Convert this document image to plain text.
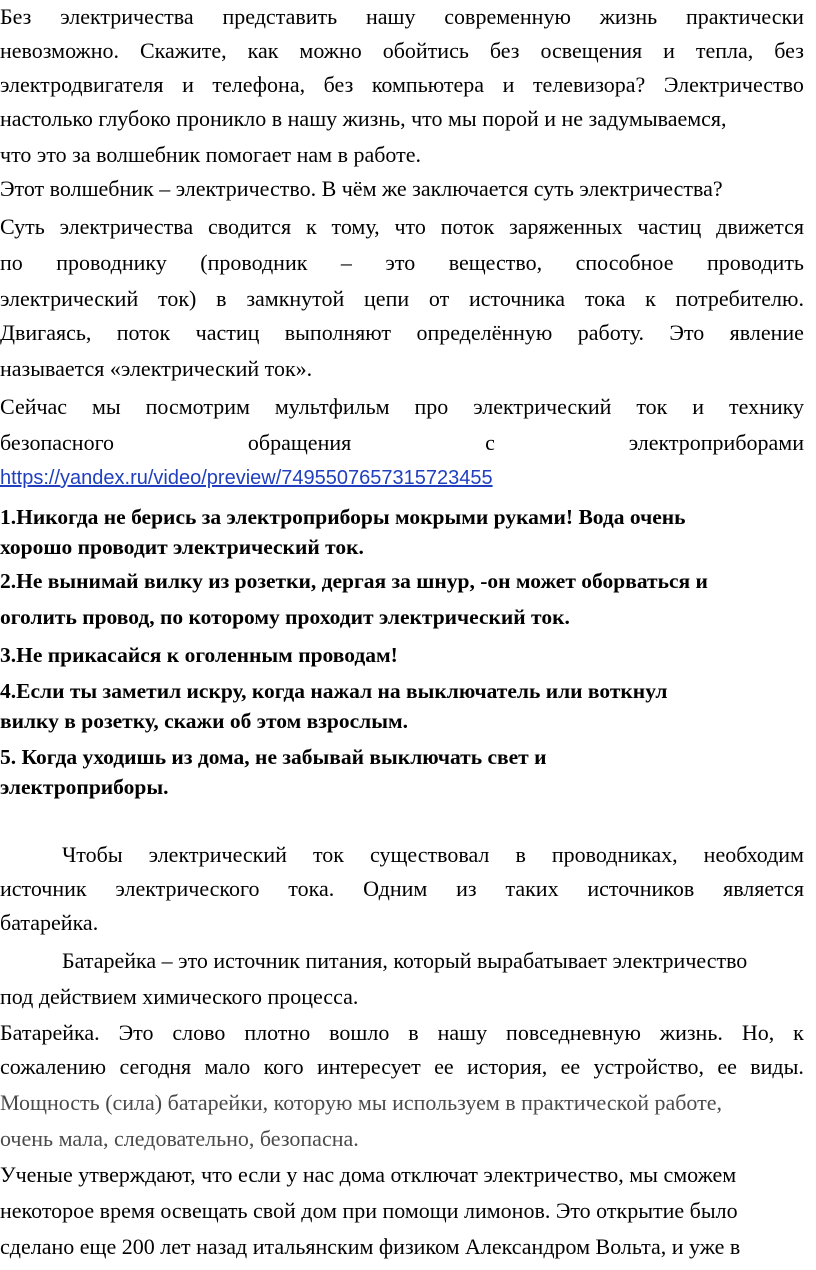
Без электричества представить нашу современную жизнь практически
невозможно. Скажите, как можно обойтись без освещения и тепла, без
электродвигателя и телефона, без компьютера и телевизора? Электричество
настолько глубоко проникло в нашу жизнь, что мы порой и не задумываемся,
что это за волшебник помогает нам в работе.
Этот волшебник – электричество. В чём же заключается суть электричества?
Суть электричества сводится к тому, что поток заряженных частиц движется
по проводнику (проводник – это вещество, способное проводить
электрический ток) в замкнутой цепи от источника тока к потребителю.
Двигаясь, поток частиц выполняют определённую работу. Это явление
называется «электрический ток».
Сейчас мы посмотрим мультфильм про электрический ток и технику
безопасного	обращения	с	электроприборами
https://yandex.ru/video/preview/7495507657315723455
1.Никогда не берись за электроприборы мокрыми руками! Вода очень
хорошо проводит электрический ток.
2.Не вынимай вилку из розетки, дергая за шнур, -он может оборваться и
оголить провод, по которому проходит электрический ток.
3.Не прикасайся к оголенным проводам!
4.Если ты заметил искру, когда нажал на выключатель или воткнул
вилку в розетку, скажи об этом взрослым.
5. Когда уходишь из дома, не забывай выключать свет и
электроприборы.
Чтобы электрический ток существовал в проводниках, необходим
источник электрического тока. Одним из таких источников является
батарейка.
Батарейка – это источник питания, который вырабатывает электричество
под действием химического процесса.
Батарейка. Это слово плотно вошло в нашу повседневную жизнь. Но, к
сожалению сегодня мало кого интересует ее история, ее устройство, ее виды.
Мощность (сила) батарейки, которую мы используем в практической работе,
очень мала, следовательно, безопасна.
Ученые утверждают, что если у нас дома отключат электричество, мы сможем
некоторое время освещать свой дом при помощи лимонов. Это открытие было
сделано еще 200 лет назад итальянским физиком Александром Вольта, и уже в
